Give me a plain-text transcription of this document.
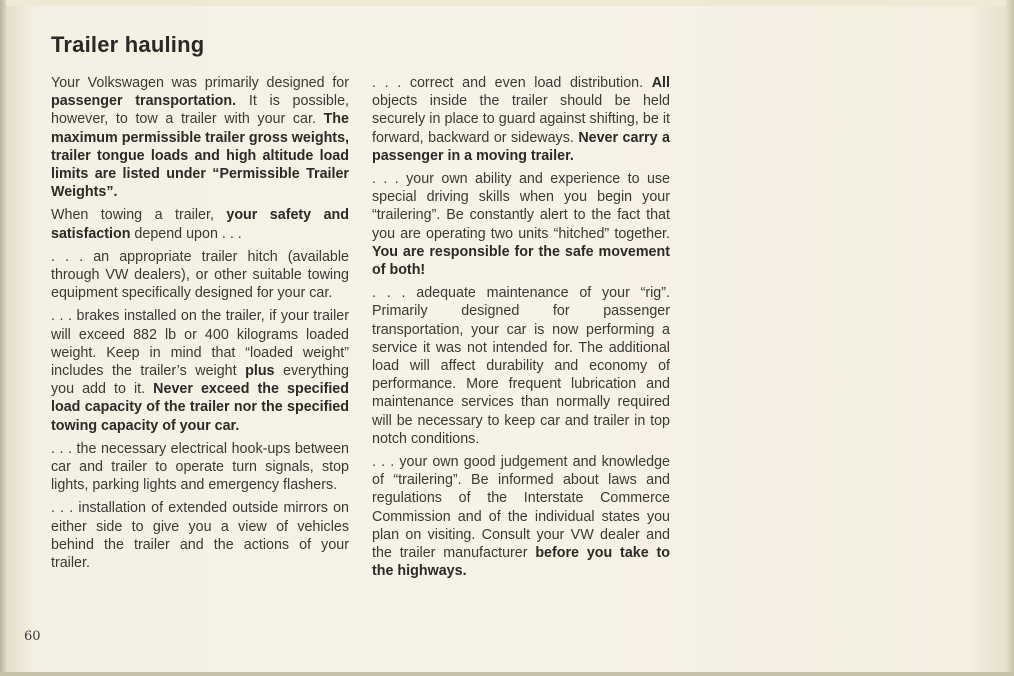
Trailer hauling

Your Volkswagen was primarily designed for passenger transportation. It is possible, however, to tow a trailer with your car. The maximum permissible trailer gross weights, trailer tongue loads and high altitude load limits are listed under “Permissible Trailer Weights”.

When towing a trailer, your safety and satisfaction depend upon . . .

. . . an appropriate trailer hitch (available through VW dealers), or other suitable towing equipment specifically designed for your car.

. . . brakes installed on the trailer, if your trailer will exceed 882 lb or 400 kilograms loaded weight. Keep in mind that “loaded weight” includes the trailer’s weight plus everything you add to it. Never exceed the specified load capacity of the trailer nor the specified towing capacity of your car.

. . . the necessary electrical hook-ups between car and trailer to operate turn signals, stop lights, parking lights and emergency flashers.

. . . installation of extended outside mirrors on either side to give you a view of vehicles behind the trailer and the actions of your trailer.

. . . correct and even load distribution. All objects inside the trailer should be held securely in place to guard against shifting, be it forward, backward or sideways. Never carry a passenger in a moving trailer.

. . . your own ability and experience to use special driving skills when you begin your “trailering”. Be constantly alert to the fact that you are operating two units “hitched” together. You are responsible for the safe movement of both!

. . . adequate maintenance of your “rig”. Primarily designed for passenger transportation, your car is now performing a service it was not intended for. The additional load will affect durability and economy of performance. More frequent lubrication and maintenance services than normally required will be necessary to keep car and trailer in top notch conditions.

. . . your own good judgement and knowledge of “trailering”. Be informed about laws and regulations of the Interstate Commerce Commission and of the individual states you plan on visiting. Consult your VW dealer and the trailer manufacturer before you take to the highways.

60
